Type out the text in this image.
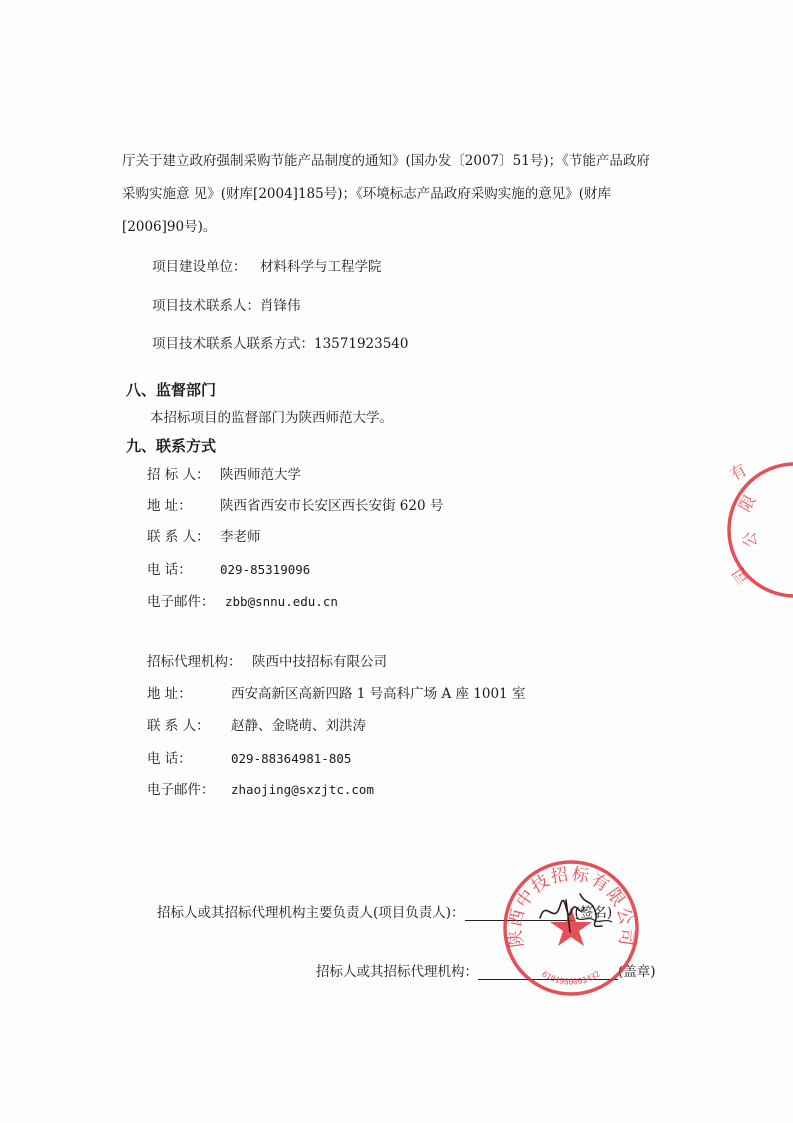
厅关于建立政府强制采购节能产品制度的通知》(国办发〔2007〕51号)；《节能产品政府
采购实施意 见》(财库[2004]185号)；《环境标志产品政府采购实施的意见》(财库
[2006]90号)。
项目建设单位： 材料科学与工程学院
项目技术联系人：肖锋伟
项目技术联系人联系方式：13571923540
八、监督部门
本招标项目的监督部门为陕西师范大学。
九、联系方式
招 标 人： 陕西师范大学
地 址： 陕西省西安市长安区西长安街 620 号
联 系 人： 李老师
电 话： 029-85319096
电子邮件： zbb@snnu.edu.cn
招标代理机构： 陕西中技招标有限公司
地 址：	西安高新区高新四路 1 号高科广场 A 座 1001 室
联 系 人： 赵静、金晓萌、刘洪涛
电 话：	029-88364981-805
电子邮件： zhaojing@sxzjtc.com
招标人或其招标代理机构主要负责人(项目负责人)：	(签名)
招标人或其招标代理机构：	(盖章)
陕西中技招标有限公司
6101980001432
有
限
公
司
